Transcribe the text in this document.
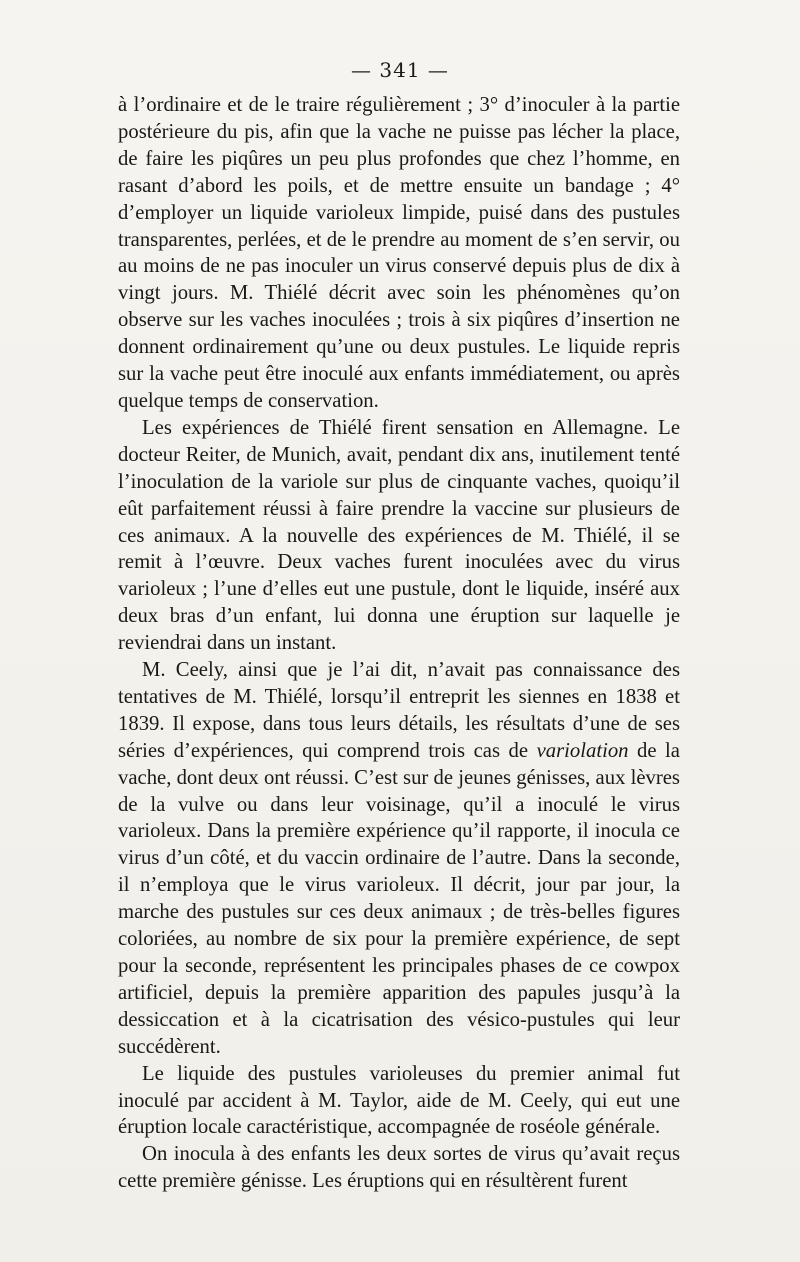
— 341 —

à l’ordinaire et de le traire régulièrement ; 3° d’inoculer à la partie postérieure du pis, afin que la vache ne puisse pas lécher la place, de faire les piqûres un peu plus profondes que chez l’homme, en rasant d’abord les poils, et de mettre ensuite un bandage ; 4° d’employer un liquide varioleux limpide, puisé dans des pustules transparentes, perlées, et de le prendre au moment de s’en servir, ou au moins de ne pas inoculer un virus conservé depuis plus de dix à vingt jours. M. Thiélé décrit avec soin les phénomènes qu’on observe sur les vaches inoculées ; trois à six piqûres d’insertion ne donnent ordinairement qu’une ou deux pustules. Le liquide repris sur la vache peut être inoculé aux enfants immédiatement, ou après quelque temps de conservation.

Les expériences de Thiélé firent sensation en Allemagne. Le docteur Reiter, de Munich, avait, pendant dix ans, inutilement tenté l’inoculation de la variole sur plus de cinquante vaches, quoiqu’il eût parfaitement réussi à faire prendre la vaccine sur plusieurs de ces animaux. A la nouvelle des expériences de M. Thiélé, il se remit à l’œuvre. Deux vaches furent inoculées avec du virus varioleux ; l’une d’elles eut une pustule, dont le liquide, inséré aux deux bras d’un enfant, lui donna une éruption sur laquelle je reviendrai dans un instant.

M. Ceely, ainsi que je l’ai dit, n’avait pas connaissance des tentatives de M. Thiélé, lorsqu’il entreprit les siennes en 1838 et 1839. Il expose, dans tous leurs détails, les résultats d’une de ses séries d’expériences, qui comprend trois cas de variolation de la vache, dont deux ont réussi. C’est sur de jeunes génisses, aux lèvres de la vulve ou dans leur voisinage, qu’il a inoculé le virus varioleux. Dans la première expérience qu’il rapporte, il inocula ce virus d’un côté, et du vaccin ordinaire de l’autre. Dans la seconde, il n’employa que le virus varioleux. Il décrit, jour par jour, la marche des pustules sur ces deux animaux ; de très-belles figures coloriées, au nombre de six pour la première expérience, de sept pour la seconde, représentent les principales phases de ce cowpox artificiel, depuis la première apparition des papules jusqu’à la dessiccation et à la cicatrisation des vésico-pustules qui leur succédèrent.

Le liquide des pustules varioleuses du premier animal fut inoculé par accident à M. Taylor, aide de M. Ceely, qui eut une éruption locale caractéristique, accompagnée de roséole générale.

On inocula à des enfants les deux sortes de virus qu’avait reçus cette première génisse. Les éruptions qui en résultèrent furent
